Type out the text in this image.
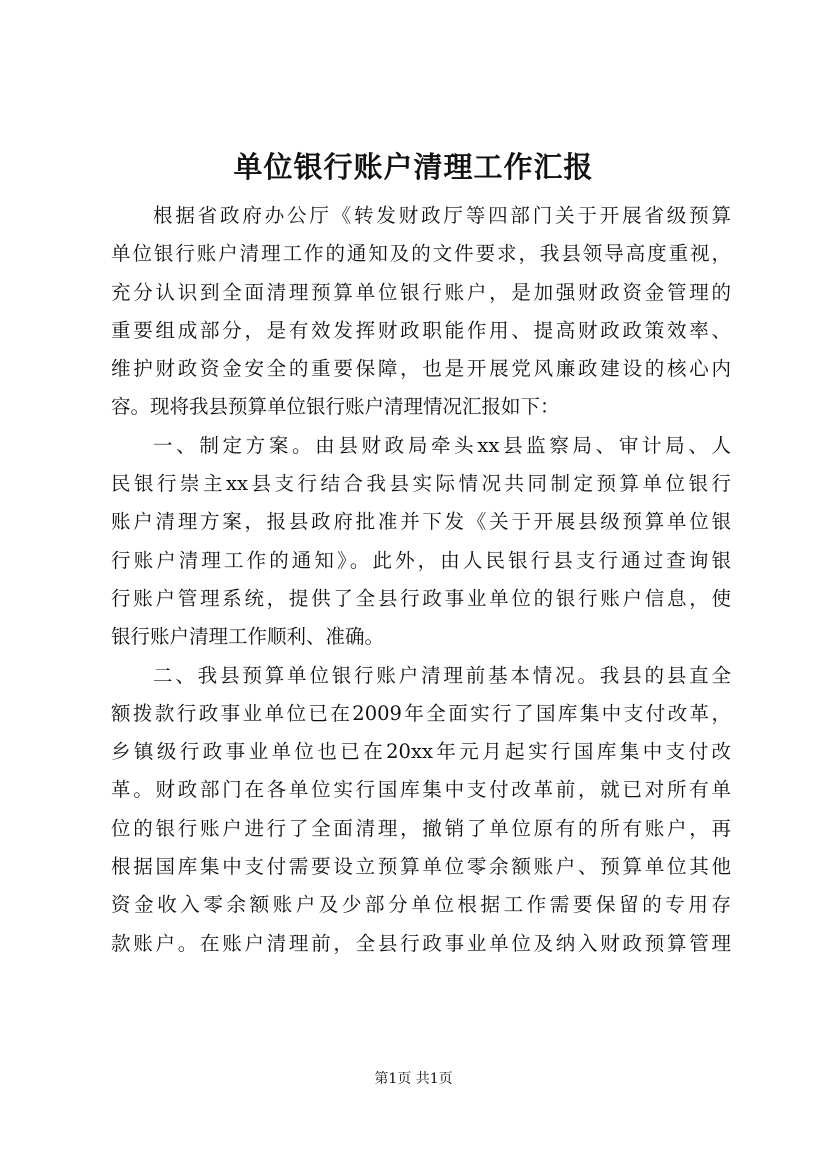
单位银行账户清理工作汇报
根据省政府办公厅《转发财政厅等四部门关于开展省级预算
单位银行账户清理工作的通知及的文件要求，我县领导高度重视，
充分认识到全面清理预算单位银行账户，是加强财政资金管理的
重要组成部分，是有效发挥财政职能作用、提高财政政策效率、
维护财政资金安全的重要保障，也是开展党风廉政建设的核心内
容。现将我县预算单位银行账户清理情况汇报如下：
一、制定方案。由县财政局牵头xx县监察局、审计局、人
民银行崇主xx县支行结合我县实际情况共同制定预算单位银行
账户清理方案，报县政府批准并下发《关于开展县级预算单位银
行账户清理工作的通知》。此外，由人民银行县支行通过查询银
行账户管理系统，提供了全县行政事业单位的银行账户信息，使
银行账户清理工作顺利、准确。
二、我县预算单位银行账户清理前基本情况。我县的县直全
额拨款行政事业单位已在2009年全面实行了国库集中支付改革，
乡镇级行政事业单位也已在20xx年元月起实行国库集中支付改
革。财政部门在各单位实行国库集中支付改革前，就已对所有单
位的银行账户进行了全面清理，撤销了单位原有的所有账户，再
根据国库集中支付需要设立预算单位零余额账户、预算单位其他
资金收入零余额账户及少部分单位根据工作需要保留的专用存
款账户。在账户清理前，全县行政事业单位及纳入财政预算管理
第1页 共1页
